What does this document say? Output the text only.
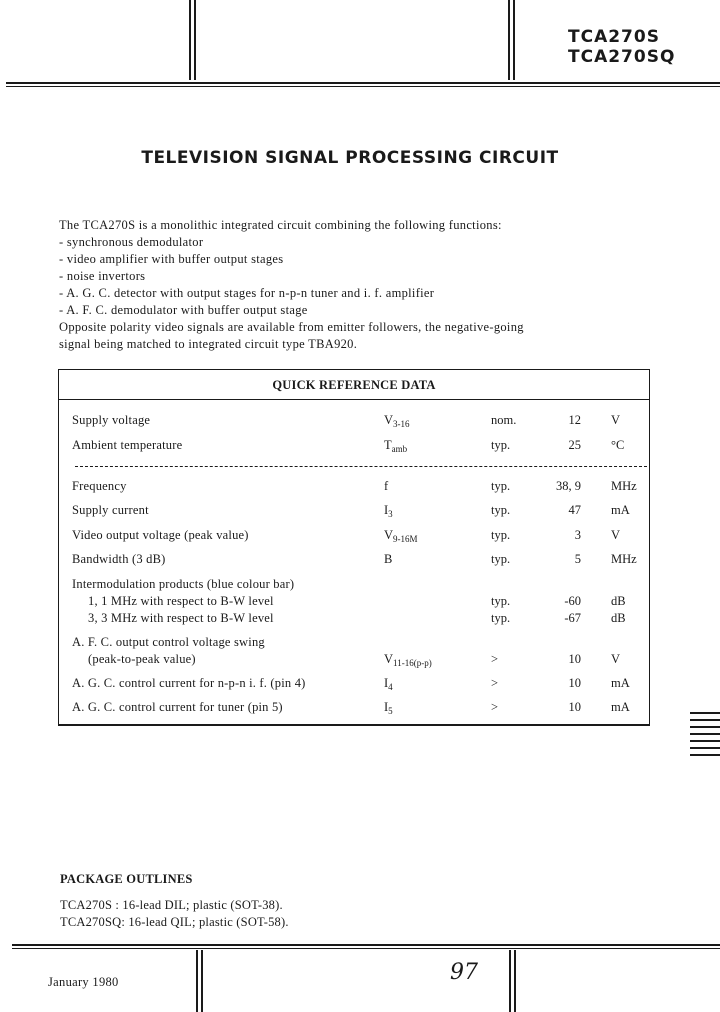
TCA270S
TCA270SQ
TELEVISION SIGNAL PROCESSING CIRCUIT
The TCA270S is a monolithic integrated circuit combining the following functions:
- synchronous demodulator
- video amplifier with buffer output stages
- noise invertors
- A. G. C. detector with output stages for n-p-n tuner and i. f. amplifier
- A. F. C. demodulator with buffer output stage
Opposite polarity video signals are available from emitter followers, the negative-going
signal being matched to integrated circuit type TBA920.
QUICK REFERENCE DATA
Supply voltage	$V_{3-16}$	nom.	12 V
Ambient temperature	$T_{amb}$	typ.	25 °C
Frequency	f	typ.	38, 9 MHz
Supply current	$I_3$	typ.	47 mA
Video output voltage (peak value)	$V_{9-16M}$	typ.	3 V
Bandwidth (3 dB)	B	typ.	5 MHz
Intermodulation products (blue colour bar)
1, 1 MHz with respect to B-W level	typ.	-60 dB
3, 3 MHz with respect to B-W level	typ.	-67 dB
A. F. C. output control voltage swing
(peak-to-peak value)	$V_{11-16(p-p)}$	>	10 V
A. G. C. control current for n-p-n i. f. (pin 4)	$I_4$	>	10 mA
A. G. C. control current for tuner (pin 5)	$I_5$	>	10 mA
PACKAGE OUTLINES
TCA270S : 16-lead DIL; plastic (SOT-38).
TCA270SQ: 16-lead QIL; plastic (SOT-58).
January 1980	97
